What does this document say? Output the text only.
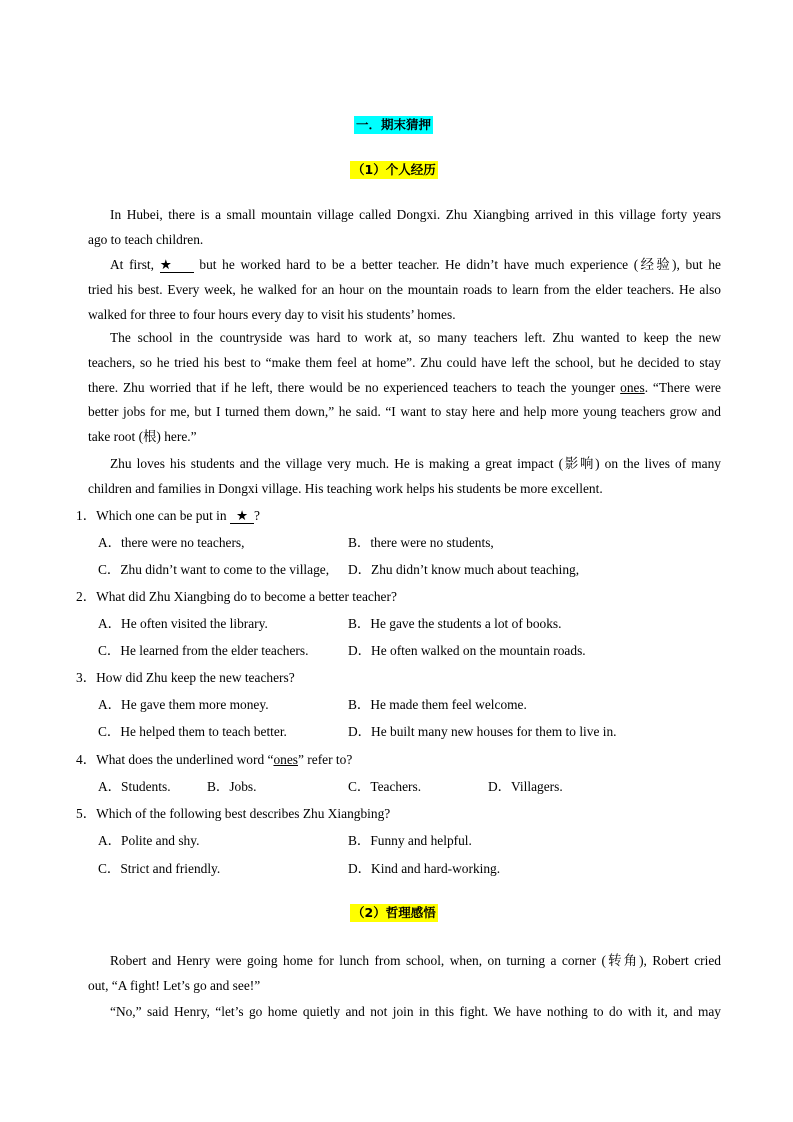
一．期末猜押
（1）个人经历
In Hubei, there is a small mountain village called Dongxi. Zhu Xiangbing arrived in this village forty years
ago to teach children.
At first, ★ but he worked hard to be a better teacher. He didn’t have much experience (经验), but he
tried his best. Every week, he walked for an hour on the mountain roads to learn from the elder teachers. He also
walked for three to four hours every day to visit his students’ homes.
The school in the countryside was hard to work at, so many teachers left. Zhu wanted to keep the new
teachers, so he tried his best to “make them feel at home”. Zhu could have left the school, but he decided to stay
there. Zhu worried that if he left, there would be no experienced teachers to teach the younger ones. “There were
better jobs for me, but I turned them down,” he said. “I want to stay here and help more young teachers grow and
take root (根) here.”
Zhu loves his students and the village very much. He is making a great impact (影响) on the lives of many
children and families in Dongxi village. His teaching work helps his students be more excellent.
1．Which one can be put in ★ ?
A．there were no teachers,	B．there were no students,
C．Zhu didn’t want to come to the village, D．Zhu didn’t know much about teaching,
2．What did Zhu Xiangbing do to become a better teacher?
A．He often visited the library.	B．He gave the students a lot of books.
C．He learned from the elder teachers.	D．He often walked on the mountain roads.
3．How did Zhu keep the new teachers?
A．He gave them more money.	B．He made them feel welcome.
C．He helped them to teach better.	D．He built many new houses for them to live in.
4．What does the underlined word “ones” refer to?
A．Students.	B．Jobs.	C．Teachers.	D．Villagers.
5．Which of the following best describes Zhu Xiangbing?
A．Polite and shy.	B．Funny and helpful.
C．Strict and friendly.	D．Kind and hard-working.
（2）哲理感悟
Robert and Henry were going home for lunch from school, when, on turning a corner (转角), Robert cried
out, “A fight! Let’s go and see!”
“No,” said Henry, “let’s go home quietly and not join in this fight. We have nothing to do with it, and may
